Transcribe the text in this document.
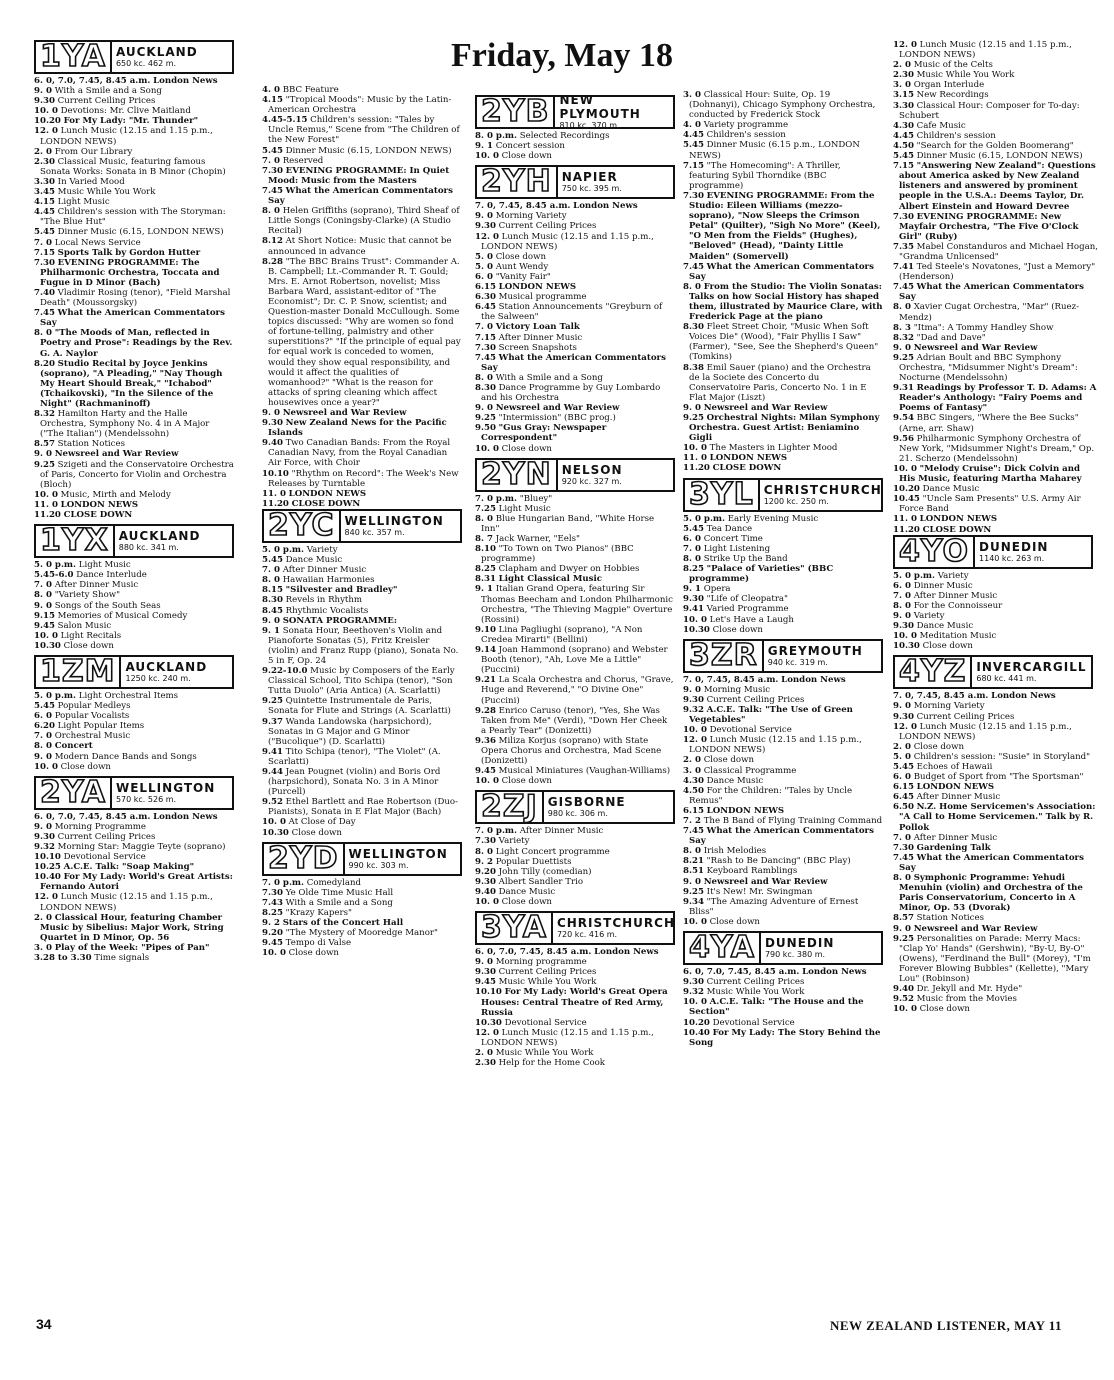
Friday, May 18
1YA AUCKLAND
650 kc. 462 m.
6. 0, 7.0, 7.45, 8.45 a.m. London News
9. 0 With a Smile and a Song
9.30 Current Ceiling Prices
10. 0 Devotions: Mr. Clive Maitland
10.20 For My Lady: "Mr. Thunder"
12. 0 Lunch Music (12.15 and 1.15 p.m., LONDON NEWS)
2. 0 From Our Library
2.30 Classical Music, featuring famous Sonata Works: Sonata in B Minor (Chopin)
3.30 In Varied Mood
3.45 Music While You Work
4.15 Light Music
4.45 Children's session with The Storyman: "The Blue Hut"
5.45 Dinner Music (6.15, LONDON NEWS)
7. 0 Local News Service
7.15 Sports Talk by Gordon Hutter
7.30 EVENING PROGRAMME: The Philharmonic Orchestra, Toccata and Fugue in D Minor (Bach)
7.40 Vladimir Rosing (tenor), "Field Marshal Death" (Moussorgsky)
7.45 What the American Commentators Say
8. 0 "The Moods of Man, reflected in Poetry and Prose": Readings by the Rev. G. A. Naylor
8.20 Studio Recital by Joyce Jenkins (soprano), "A Pleading," "Nay Though My Heart Should Break," "Ichabod" (Tchaikovski), "In the Silence of the Night" (Rachmaninoff)
8.32 Hamilton Harty and the Halle Orchestra, Symphony No. 4 in A Major ("The Italian") (Mendelssohn)
8.57 Station Notices
9. 0 Newsreel and War Review
9.25 Szigeti and the Conservatoire Orchestra of Paris, Concerto for Violin and Orchestra (Bloch)
10. 0 Music, Mirth and Melody
11. 0 LONDON NEWS
11.20 CLOSE DOWN
1YX AUCKLAND
880 kc. 341 m.
5. 0 p.m. Light Music
5.45-6.0 Dance Interlude
7. 0 After Dinner Music
8. 0 "Variety Show"
9. 0 Songs of the South Seas
9.15 Memories of Musical Comedy
9.45 Salon Music
10. 0 Light Recitals
10.30 Close down
1ZM AUCKLAND
1250 kc. 240 m.
5. 0 p.m. Light Orchestral Items
5.45 Popular Medleys
6. 0 Popular Vocalists
6.20 Light Popular Items
7. 0 Orchestral Music
8. 0 Concert
9. 0 Modern Dance Bands and Songs
10. 0 Close down
2YA WELLINGTON
570 kc. 526 m.
6. 0, 7.0, 7.45, 8.45 a.m. London News
9. 0 Morning Programme
9.30 Current Ceiling Prices
9.32 Morning Star: Maggie Teyte (soprano)
10.10 Devotional Service
10.25 A.C.E. Talk: "Soap Making"
10.40 For My Lady: World's Great Artists: Fernando Autori
12. 0 Lunch Music (12.15 and 1.15 p.m., LONDON NEWS)
2. 0 Classical Hour, featuring Chamber Music by Sibelius: Major Work, String Quartet in D Minor, Op. 56
3. 0 Play of the Week: "Pipes of Pan"
3.28 to 3.30 Time signals
4. 0 BBC Feature
4.15 "Tropical Moods": Music by the Latin-American Orchestra
4.45-5.15 Children's session: "Tales by Uncle Remus," Scene from "The Children of the New Forest"
5.45 Dinner Music (6.15, LONDON NEWS)
7. 0 Reserved
7.30 EVENING PROGRAMME: In Quiet Mood: Music from the Masters
7.45 What the American Commentators Say
8. 0 Helen Griffiths (soprano), Third Sheaf of Little Songs (Coningsby-Clarke) (A Studio Recital)
8.12 At Short Notice: Music that cannot be announced in advance
8.28 "The BBC Brains Trust": Commander A. B. Campbell; Lt.-Commander R. T. Gould; Mrs. E. Arnot Robertson, novelist; Miss Barbara Ward, assistant-editor of "The Economist"; Dr. C. P. Snow, scientist; and Question-master Donald McCullough. Some topics discussed: "Why are women so fond of fortune-telling, palmistry and other superstitions?" "If the principle of equal pay for equal work is conceded to women, would they show equal responsibility, and would it affect the qualities of womanhood?" "What is the reason for attacks of spring cleaning which affect housewives once a year?"
9. 0 Newsreel and War Review
9.30 New Zealand News for the Pacific Islands
9.40 Two Canadian Bands: From the Royal Canadian Navy, from the Royal Canadian Air Force, with Choir
10.10 "Rhythm on Record": The Week's New Releases by Turntable
11. 0 LONDON NEWS
11.20 CLOSE DOWN
2YC WELLINGTON
840 kc. 357 m.
5. 0 p.m. Variety
5.45 Dance Music
7. 0 After Dinner Music
8. 0 Hawaiian Harmonies
8.15 "Silvester and Bradley"
8.30 Revels in Rhythm
8.45 Rhythmic Vocalists
9. 0 SONATA PROGRAMME:
9. 1 Sonata Hour, Beethoven's Violin and Pianoforte Sonatas (5), Fritz Kreisler (violin) and Franz Rupp (piano), Sonata No. 5 in F, Op. 24
9.22-10.0 Music by Composers of the Early Classical School, Tito Schipa (tenor), "Son Tutta Duolo" (Aria Antica) (A. Scarlatti)
9.25 Quintette Instrumentale de Paris, Sonata for Flute and Strings (A. Scarlatti)
9.37 Wanda Landowska (harpsichord), Sonatas in G Major and G Minor ("Bucolique") (D. Scarlatti)
9.41 Tito Schipa (tenor), "The Violet" (A. Scarlatti)
9.44 Jean Pougnet (violin) and Boris Ord (harpsichord), Sonata No. 3 in A Minor (Purcell)
9.52 Ethel Bartlett and Rae Robertson (Duo-Pianists), Sonata in E Flat Major (Bach)
10. 0 At Close of Day
10.30 Close down
2YD WELLINGTON
990 kc. 303 m.
7. 0 p.m. Comedyland
7.30 Ye Olde Time Music Hall
7.43 With a Smile and a Song
8.25 "Krazy Kapers"
9. 2 Stars of the Concert Hall
9.20 "The Mystery of Mooredge Manor"
9.45 Tempo di Valse
10. 0 Close down
2YB NEW PLYMOUTH
810 kc. 370 m.
8. 0 p.m. Selected Recordings
9. 1 Concert session
10. 0 Close down
2YH NAPIER
750 kc. 395 m.
7. 0, 7.45, 8.45 a.m. London News
9. 0 Morning Variety
9.30 Current Ceiling Prices
12. 0 Lunch Music (12.15 and 1.15 p.m., LONDON NEWS)
5. 0 Close down
5. 0 Aunt Wendy
6. 0 "Vanity Fair"
6.15 LONDON NEWS
6.30 Musical programme
6.45 Station Announcements "Greyburn of the Salween"
7. 0 Victory Loan Talk
7.15 After Dinner Music
7.30 Screen Snapshots
7.45 What the American Commentators Say
8. 0 With a Smile and a Song
8.30 Dance Programme by Guy Lombardo and his Orchestra
9. 0 Newsreel and War Review
9.25 "Intermission" (BBC prog.)
9.50 "Gus Gray: Newspaper Correspondent"
10. 0 Close down
2YN NELSON
920 kc. 327 m.
7. 0 p.m. "Bluey"
7.25 Light Music
8. 0 Blue Hungarian Band, "White Horse Inn"
8. 7 Jack Warner, "Eels"
8.10 "To Town on Two Pianos" (BBC programme)
8.25 Clapham and Dwyer on Hobbies
8.31 Light Classical Music
9. 1 Italian Grand Opera, featuring Sir Thomas Beecham and London Philharmonic Orchestra, "The Thieving Magpie" Overture (Rossini)
9.10 Lina Pagliughi (soprano), "A Non Credea Mirarti" (Bellini)
9.14 Joan Hammond (soprano) and Webster Booth (tenor), "Ah, Love Me a Little" (Puccini)
9.21 La Scala Orchestra and Chorus, "Grave, Huge and Reverend," "O Divine One" (Puccini)
9.28 Enrico Caruso (tenor), "Yes, She Was Taken from Me" (Verdi), "Down Her Cheek a Pearly Tear" (Donizetti)
9.36 Miliza Korjus (soprano) with State Opera Chorus and Orchestra, Mad Scene (Donizetti)
9.45 Musical Miniatures (Vaughan-Williams)
10. 0 Close down
2ZJ GISBORNE
980 kc. 306 m.
7. 0 p.m. After Dinner Music
7.30 Variety
8. 0 Light Concert programme
9. 2 Popular Duettists
9.20 John Tilly (comedian)
9.30 Albert Sandler Trio
9.40 Dance Music
10. 0 Close down
3YA CHRISTCHURCH
720 kc. 416 m.
6. 0, 7.0, 7.45, 8.45 a.m. London News
9. 0 Morning programme
9.30 Current Ceiling Prices
9.45 Music While You Work
10.10 For My Lady: World's Great Opera Houses: Central Theatre of Red Army, Russia
10.30 Devotional Service
12. 0 Lunch Music (12.15 and 1.15 p.m., LONDON NEWS)
2. 0 Music While You Work
2.30 Help for the Home Cook
3. 0 Classical Hour: Suite, Op. 19 (Dohnanyi), Chicago Symphony Orchestra, conducted by Frederick Stock
4. 0 Variety programme
4.45 Children's session
5.45 Dinner Music (6.15 p.m., LONDON NEWS)
7.15 "The Homecoming": A Thriller, featuring Sybil Thorndike (BBC programme)
7.30 EVENING PROGRAMME: From the Studio: Eileen Williams (mezzo-soprano), "Now Sleeps the Crimson Petal" (Quilter), "Sigh No More" (Keel), "O Men from the Fields" (Hughes), "Beloved" (Head), "Dainty Little Maiden" (Somervell)
7.45 What the American Commentators Say
8. 0 From the Studio: The Violin Sonatas: Talks on how Social History has shaped them, illustrated by Maurice Clare, with Frederick Page at the piano
8.30 Fleet Street Choir, "Music When Soft Voices Die" (Wood), "Fair Phyllis I Saw" (Farmer), "See, See the Shepherd's Queen" (Tomkins)
8.38 Emil Sauer (piano) and the Orchestra de la Societe des Concerto du Conservatoire Paris, Concerto No. 1 in E Flat Major (Liszt)
9. 0 Newsreel and War Review
9.25 Orchestral Nights: Milan Symphony Orchestra. Guest Artist: Beniamino Gigli
10. 0 The Masters in Lighter Mood
11. 0 LONDON NEWS
11.20 CLOSE DOWN
3YL CHRISTCHURCH
1200 kc. 250 m.
5. 0 p.m. Early Evening Music
5.45 Tea Dance
6. 0 Concert Time
7. 0 Light Listening
8. 0 Strike Up the Band
8.25 "Palace of Varieties" (BBC programme)
9. 1 Opera
9.30 "Life of Cleopatra"
9.41 Varied Programme
10. 0 Let's Have a Laugh
10.30 Close down
3ZR GREYMOUTH
940 kc. 319 m.
7. 0, 7.45, 8.45 a.m. London News
9. 0 Morning Music
9.30 Current Ceiling Prices
9.32 A.C.E. Talk: "The Use of Green Vegetables"
10. 0 Devotional Service
12. 0 Lunch Music (12.15 and 1.15 p.m., LONDON NEWS)
2. 0 Close down
3. 0 Classical Programme
4.30 Dance Music
4.50 For the Children: "Tales by Uncle Remus"
6.15 LONDON NEWS
7. 2 The B Band of Flying Training Command
7.45 What the American Commentators Say
8. 0 Irish Melodies
8.21 "Rash to Be Dancing" (BBC Play)
8.51 Keyboard Ramblings
9. 0 Newsreel and War Review
9.25 It's New! Mr. Swingman
9.34 "The Amazing Adventure of Ernest Bliss"
10. 0 Close down
4YA DUNEDIN
790 kc. 380 m.
6. 0, 7.0, 7.45, 8.45 a.m. London News
9.30 Current Ceiling Prices
9.32 Music While You Work
10. 0 A.C.E. Talk: "The House and the Section"
10.20 Devotional Service
10.40 For My Lady: The Story Behind the Song
12. 0 Lunch Music (12.15 and 1.15 p.m., LONDON NEWS)
2. 0 Music of the Celts
2.30 Music While You Work
3. 0 Organ Interlude
3.15 New Recordings
3.30 Classical Hour: Composer for To-day: Schubert
4.30 Cafe Music
4.45 Children's session
4.50 "Search for the Golden Boomerang"
5.45 Dinner Music (6.15, LONDON NEWS)
7.15 "Answering New Zealand": Questions about America asked by New Zealand listeners and answered by prominent people in the U.S.A.: Deems Taylor, Dr. Albert Einstein and Howard Devree
7.30 EVENING PROGRAMME: New Mayfair Orchestra, "The Five O'Clock Girl" (Ruby)
7.35 Mabel Constanduros and Michael Hogan, "Grandma Unlicensed"
7.41 Ted Steele's Novatones, "Just a Memory" (Henderson)
7.45 What the American Commentators Say
8. 0 Xavier Cugat Orchestra, "Mar" (Ruez-Mendz)
8. 3 "Itma": A Tommy Handley Show
8.32 "Dad and Dave"
9. 0 Newsreel and War Review
9.25 Adrian Boult and BBC Symphony Orchestra, "Midsummer Night's Dream": Nocturne (Mendelssohn)
9.31 Readings by Professor T. D. Adams: A Reader's Anthology: "Fairy Poems and Poems of Fantasy"
9.54 BBC Singers, "Where the Bee Sucks" (Arne, arr. Shaw)
9.56 Philharmonic Symphony Orchestra of New York, "Midsummer Night's Dream," Op. 21. Scherzo (Mendelssohn)
10. 0 "Melody Cruise": Dick Colvin and His Music, featuring Martha Maharey
10.20 Dance Music
10.45 "Uncle Sam Presents" U.S. Army Air Force Band
11. 0 LONDON NEWS
11.20 CLOSE DOWN
4YO DUNEDIN
1140 kc. 263 m.
5. 0 p.m. Variety
6. 0 Dinner Music
7. 0 After Dinner Music
8. 0 For the Connoisseur
9. 0 Variety
9.30 Dance Music
10. 0 Meditation Music
10.30 Close down
4YZ INVERCARGILL
680 kc. 441 m.
7. 0, 7.45, 8.45 a.m. London News
9. 0 Morning Variety
9.30 Current Ceiling Prices
12. 0 Lunch Music (12.15 and 1.15 p.m., LONDON NEWS)
2. 0 Close down
5. 0 Children's session: "Susie" in Storyland"
5.45 Echoes of Hawaii
6. 0 Budget of Sport from "The Sportsman"
6.15 LONDON NEWS
6.45 After Dinner Music
6.50 N.Z. Home Servicemen's Association: "A Call to Home Servicemen." Talk by R. Pollok
7. 0 After Dinner Music
7.30 Gardening Talk
7.45 What the American Commentators Say
8. 0 Symphonic Programme: Yehudi Menuhin (violin) and Orchestra of the Paris Conservatorium, Concerto in A Minor, Op. 53 (Dvorak)
8.57 Station Notices
9. 0 Newsreel and War Review
9.25 Personalities on Parade: Merry Macs: "Clap Yo' Hands" (Gershwin), "By-U, By-O" (Owens), "Ferdinand the Bull" (Morey), "I'm Forever Blowing Bubbles" (Kellette), "Mary Lou" (Robinson)
9.40 Dr. Jekyll and Mr. Hyde"
9.52 Music from the Movies
10. 0 Close down
34	NEW ZEALAND LISTENER, MAY 11
